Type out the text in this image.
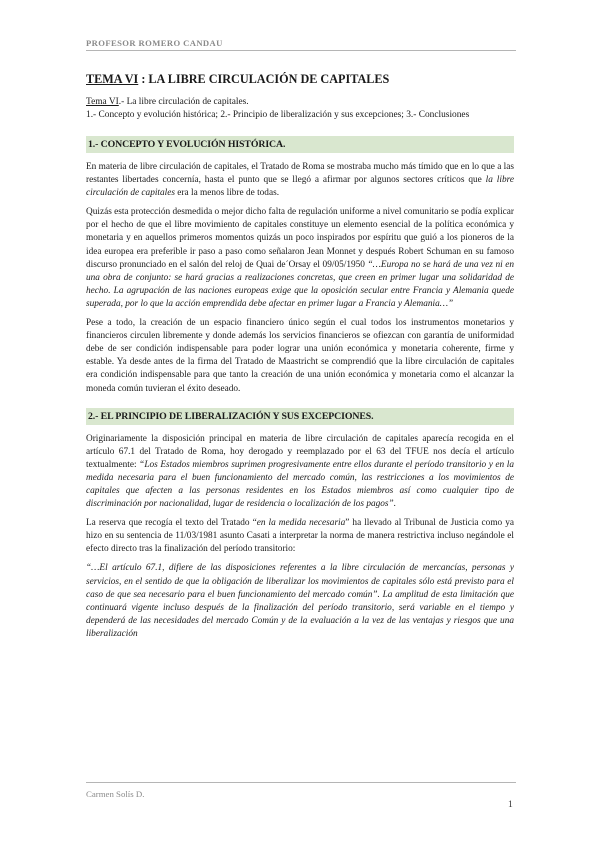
PROFESOR ROMERO CANDAU
TEMA VI : LA LIBRE CIRCULACIÓN DE CAPITALES
Tema VI.- La libre circulación de capitales.
1.- Concepto y evolución histórica; 2.- Principio de liberalización y sus excepciones; 3.- Conclusiones
1.- CONCEPTO Y EVOLUCIÓN HISTÓRICA.

En materia de libre circulación de capitales, el Tratado de Roma se mostraba mucho más tímido que en lo que a las restantes libertades concernía, hasta el punto que se llegó a afirmar por algunos sectores críticos que la libre circulación de capitales era la menos libre de todas.

Quizás esta protección desmedida o mejor dicho falta de regulación uniforme a nivel comunitario se podía explicar por el hecho de que el libre movimiento de capitales constituye un elemento esencial de la política económica y monetaria y en aquellos primeros momentos quizás un poco inspirados por espíritu que guió a los pioneros de la idea europea era preferible ir paso a paso como señalaron Jean Monnet y después Robert Schuman en su famoso discurso pronunciado en el salón del reloj de Quai de´Orsay el 09/05/1950 “…Europa no se hará de una vez ni en una obra de conjunto: se hará gracias a realizaciones concretas, que creen en primer lugar una solidaridad de hecho. La agrupación de las naciones europeas exige que la oposición secular entre Francia y Alemania quede superada, por lo que la acción emprendida debe afectar en primer lugar a Francia y Alemania…”

Pese a todo, la creación de un espacio financiero único según el cual todos los instrumentos monetarios y financieros circulen libremente y donde además los servicios financieros se ofiezcan con garantía de uniformidad debe de ser condición indispensable para poder lograr una unión económica y monetaria coherente, firme y estable. Ya desde antes de la firma del Tratado de Maastricht se comprendió que la libre circulación de capitales era condición indispensable para que tanto la creación de una unión económica y monetaria como el alcanzar la moneda común tuvieran el éxito deseado.

2.- EL PRINCIPIO DE LIBERALIZACIÓN Y SUS EXCEPCIONES.

Originariamente la disposición principal en materia de libre circulación de capitales aparecía recogida en el artículo 67.1 del Tratado de Roma, hoy derogado y reemplazado por el 63 del TFUE nos decía el artículo textualmente: “Los Estados miembros suprimen progresivamente entre ellos durante el período transitorio y en la medida necesaria para el buen funcionamiento del mercado común, las restricciones a los movimientos de capitales que afecten a las personas residentes en los Estados miembros así como cualquier tipo de discriminación por nacionalidad, lugar de residencia o localización de los pagos”.

La reserva que recogía el texto del Tratado “en la medida necesaria” ha llevado al Tribunal de Justicia como ya hizo en su sentencia de 11/03/1981 asunto Casati a interpretar la norma de manera restrictiva incluso negándole el efecto directo tras la finalización del período transitorio:

“…El artículo 67.1, difiere de las disposiciones referentes a la libre circulación de mercancías, personas y servicios, en el sentido de que la obligación de liberalizar los movimientos de capitales sólo está previsto para el caso de que sea necesario para el buen funcionamiento del mercado común”. La amplitud de esta limitación que continuará vigente incluso después de la finalización del período transitorio, será variable en el tiempo y dependerá de las necesidades del mercado Común y de la evaluación a la vez de las ventajas y riesgos que una liberalización

Carmen Solís D.
1
